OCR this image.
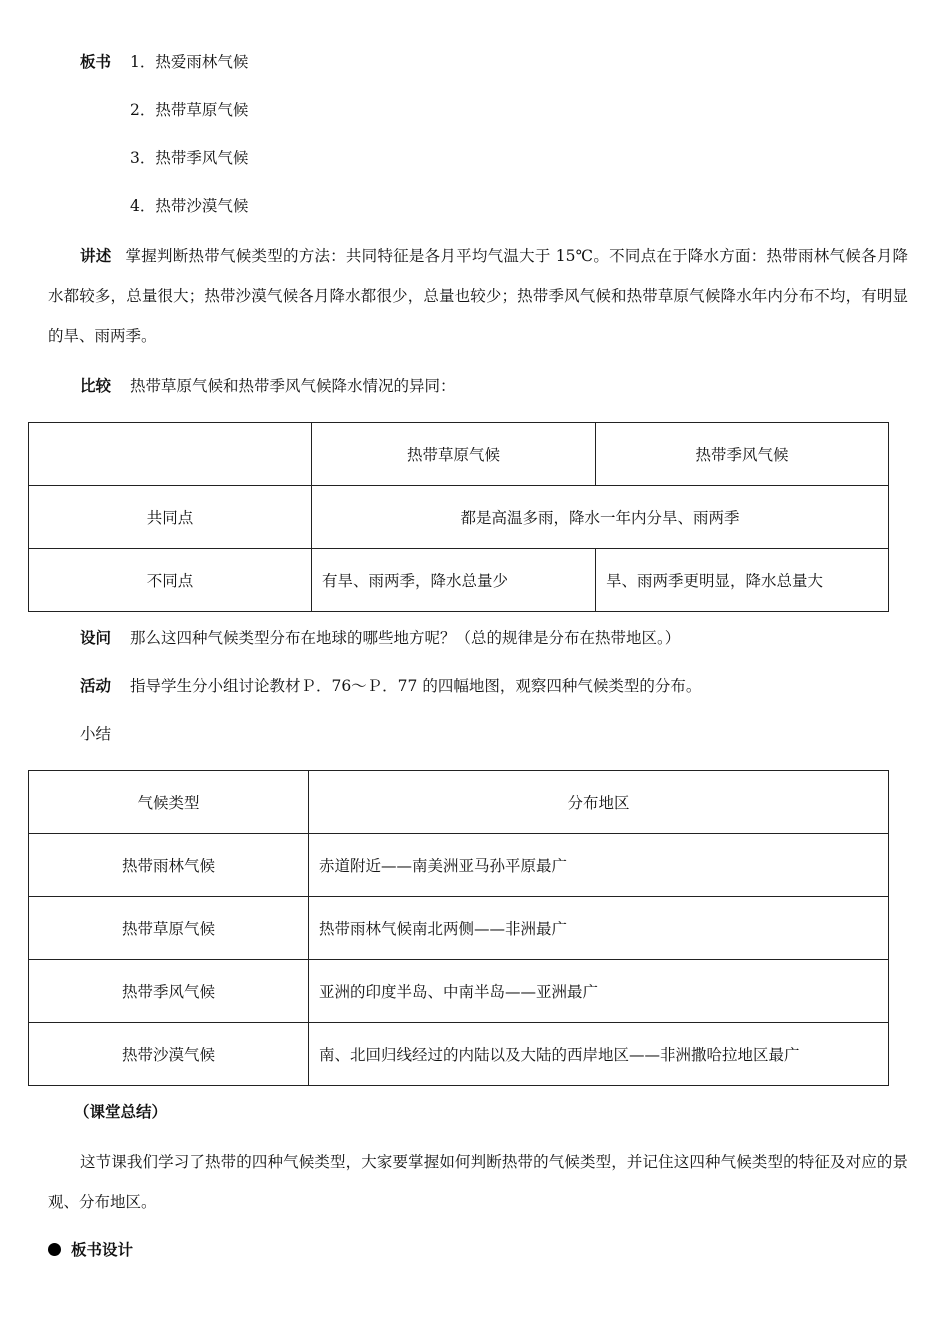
板书 1．热爱雨林气候
2．热带草原气候
3．热带季风气候
4．热带沙漠气候
讲述 掌握判断热带气候类型的方法：共同特征是各月平均气温大于 15℃。不同点在于降水方面：热带雨林气候各月降水都较多，总量很大；热带沙漠气候各月降水都很少，总量也较少；热带季风气候和热带草原气候降水年内分布不均，有明显的旱、雨两季。
比较 热带草原气候和热带季风气候降水情况的异同：
	热带草原气候	热带季风气候
共同点	都是高温多雨，降水一年内分旱、雨两季	
不同点	有旱、雨两季，降水总量少	旱、雨两季更明显，降水总量大
设问 那么这四种气候类型分布在地球的哪些地方呢？（总的规律是分布在热带地区。）
活动 指导学生分小组讨论教材Ｐ．76～Ｐ．77 的四幅地图，观察四种气候类型的分布。
小结
气候类型	分布地区
热带雨林气候	赤道附近——南美洲亚马孙平原最广
热带草原气候	热带雨林气候南北两侧——非洲最广
热带季风气候	亚洲的印度半岛、中南半岛——亚洲最广
热带沙漠气候	南、北回归线经过的内陆以及大陆的西岸地区——非洲撒哈拉地区最广
（课堂总结）
这节课我们学习了热带的四种气候类型，大家要掌握如何判断热带的气候类型，并记住这四种气候类型的特征及对应的景观、分布地区。
板书设计
